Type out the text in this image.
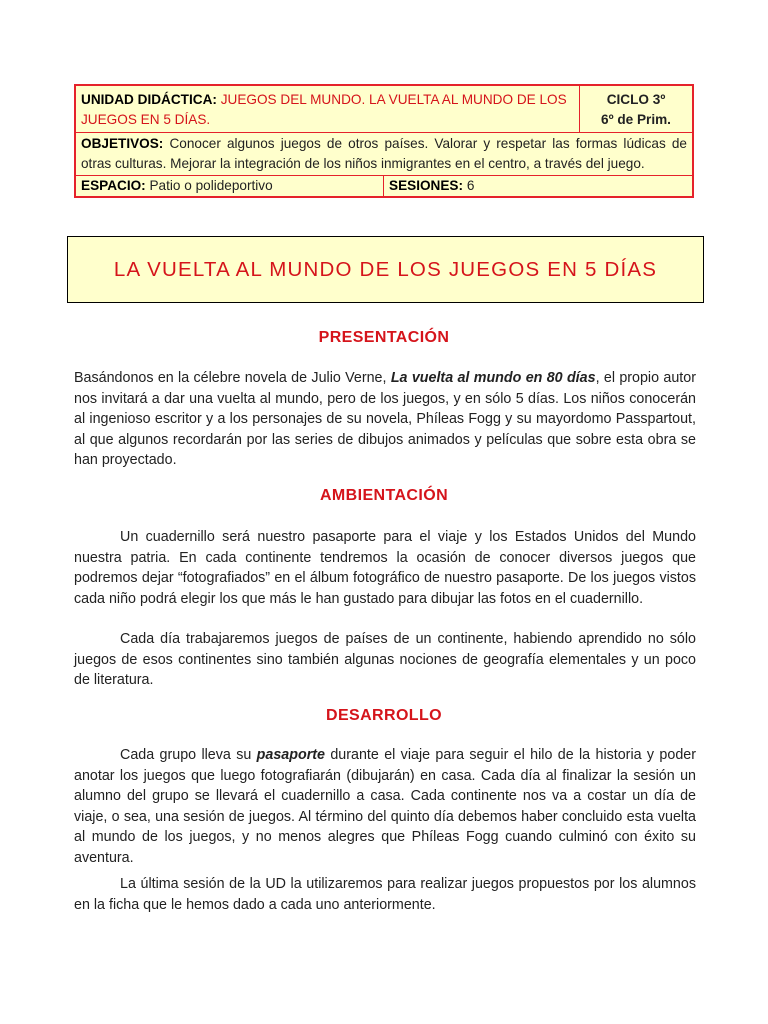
UNIDAD DIDÁCTICA: JUEGOS DEL MUNDO. LA VUELTA AL MUNDO DE LOS JUEGOS EN 5 DÍAS.
CICLO 3º
6º de Prim.
OBJETIVOS: Conocer algunos juegos de otros países. Valorar y respetar las formas lúdicas de otras culturas. Mejorar la integración de los niños inmigrantes en el centro, a través del juego.
ESPACIO: Patio o polideportivo	SESIONES: 6
LA VUELTA AL MUNDO DE LOS JUEGOS EN 5 DÍAS
PRESENTACIÓN

Basándonos en la célebre novela de Julio Verne, La vuelta al mundo en 80 días, el propio autor nos invitará a dar una vuelta al mundo, pero de los juegos, y en sólo 5 días. Los niños conocerán al ingenioso escritor y a los personajes de su novela, Phíleas Fogg y su mayordomo Passpartout, al que algunos recordarán por las series de dibujos animados y películas que sobre esta obra se han proyectado.

AMBIENTACIÓN

Un cuadernillo será nuestro pasaporte para el viaje y los Estados Unidos del Mundo nuestra patria. En cada continente tendremos la ocasión de conocer diversos juegos que podremos dejar “fotografiados” en el álbum fotográfico de nuestro pasaporte. De los juegos vistos cada niño podrá elegir los que más le han gustado para dibujar las fotos en el cuadernillo.

Cada día trabajaremos juegos de países de un continente, habiendo aprendido no sólo juegos de esos continentes sino también algunas nociones de geografía elementales y un poco de literatura.

DESARROLLO

Cada grupo lleva su pasaporte durante el viaje para seguir el hilo de la historia y poder anotar los juegos que luego fotografiarán (dibujarán) en casa. Cada día al finalizar la sesión un alumno del grupo se llevará el cuadernillo a casa. Cada continente nos va a costar un día de viaje, o sea, una sesión de juegos. Al término del quinto día debemos haber concluido esta vuelta al mundo de los juegos, y no menos alegres que Phíleas Fogg cuando culminó con éxito su aventura.

La última sesión de la UD la utilizaremos para realizar juegos propuestos por los alumnos en la ficha que le hemos dado a cada uno anteriormente.
